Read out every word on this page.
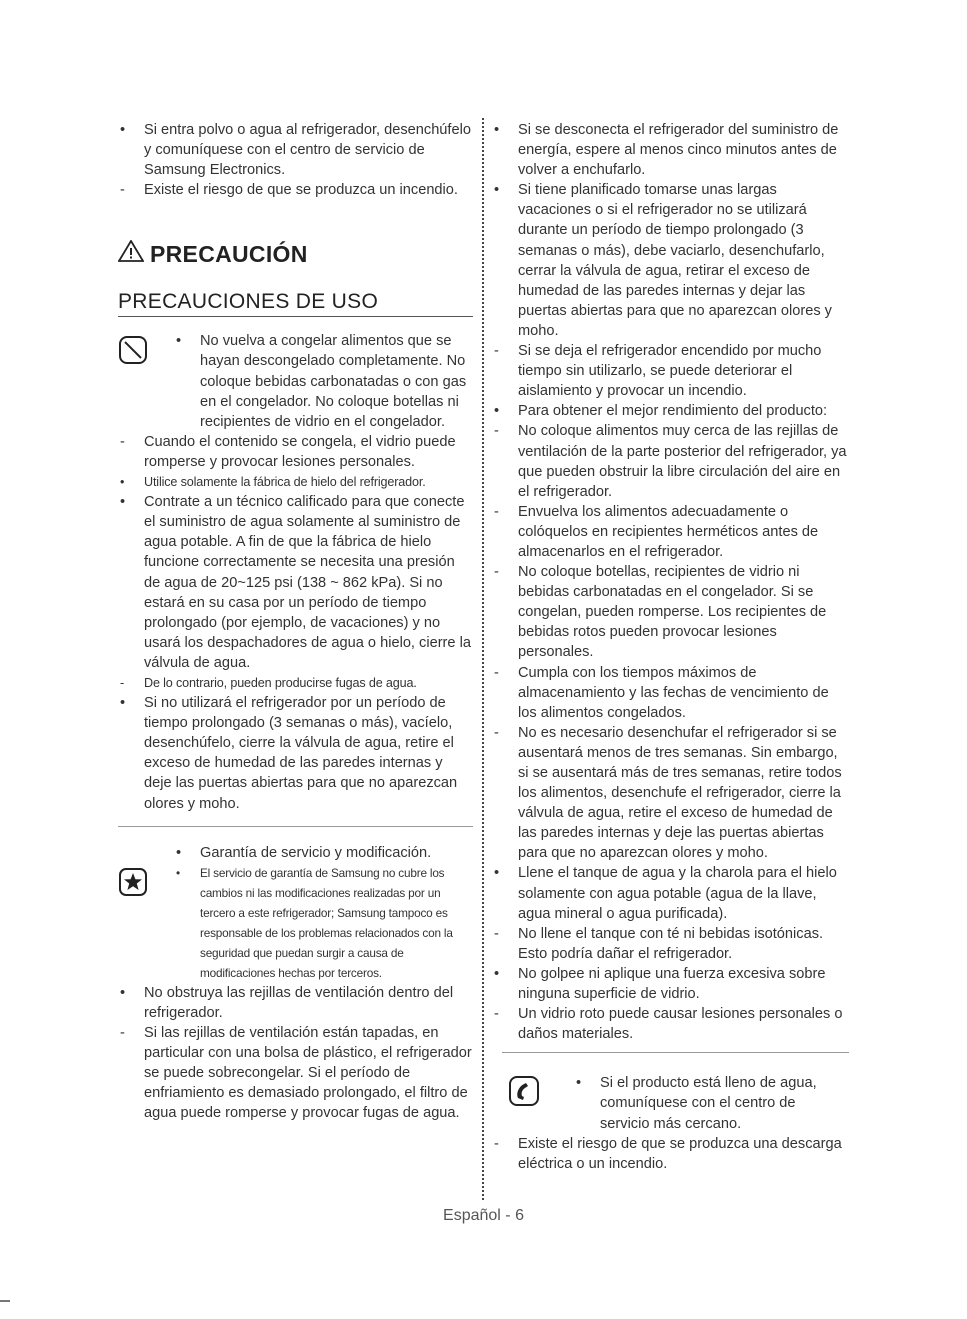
•	Si entra polvo o agua al refrigerador, desenchúfelo y comuníquese con el centro de servicio de Samsung Electronics.
-	Existe el riesgo de que se produzca un incendio.
PRECAUCIÓN
PRECAUCIONES DE USO
•	No vuelva a congelar alimentos que se hayan descongelado completamente. No coloque bebidas carbonatadas o con gas en el congelador. No coloque botellas ni recipientes de vidrio en el congelador.
-	Cuando el contenido se congela, el vidrio puede romperse y provocar lesiones personales.
•	Utilice solamente la fábrica de hielo del refrigerador.
•	Contrate a un técnico calificado para que conecte el suministro de agua solamente al suministro de agua potable. A fin de que la fábrica de hielo funcione correctamente se necesita una presión de agua de 20~125 psi (138 ~ 862 kPa). Si no estará en su casa por un período de tiempo prolongado (por ejemplo, de vacaciones) y no usará los despachadores de agua o hielo, cierre la válvula de agua.
-	De lo contrario, pueden producirse fugas de agua.
•	Si no utilizará el refrigerador por un período de tiempo prolongado (3 semanas o más), vacíelo, desenchúfelo, cierre la válvula de agua, retire el exceso de humedad de las paredes internas y deje las puertas abiertas para que no aparezcan olores y moho.
•	Garantía de servicio y modificación.
•	El servicio de garantía de Samsung no cubre los cambios ni las modificaciones realizadas por un tercero a este refrigerador; Samsung tampoco es responsable de los problemas relacionados con la seguridad que puedan surgir a causa de modificaciones hechas por terceros.
•	No obstruya las rejillas de ventilación dentro del refrigerador.
-	Si las rejillas de ventilación están tapadas, en particular con una bolsa de plástico, el refrigerador se puede sobrecongelar. Si el período de enfriamiento es demasiado prolongado, el filtro de agua puede romperse y provocar fugas de agua.
•	Si se desconecta el refrigerador del suministro de energía, espere al menos cinco minutos antes de volver a enchufarlo.
•	Si tiene planificado tomarse unas largas vacaciones o si el refrigerador no se utilizará durante un período de tiempo prolongado (3 semanas o más), debe vaciarlo, desenchufarlo, cerrar la válvula de agua, retirar el exceso de humedad de las paredes internas y dejar las puertas abiertas para que no aparezcan olores y moho.
-	Si se deja el refrigerador encendido por mucho tiempo sin utilizarlo, se puede deteriorar el aislamiento y provocar un incendio.
•	Para obtener el mejor rendimiento del producto:
-	No coloque alimentos muy cerca de las rejillas de ventilación de la parte posterior del refrigerador, ya que pueden obstruir la libre circulación del aire en el refrigerador.
-	Envuelva los alimentos adecuadamente o colóquelos en recipientes herméticos antes de almacenarlos en el refrigerador.
-	No coloque botellas, recipientes de vidrio ni bebidas carbonatadas en el congelador. Si se congelan, pueden romperse. Los recipientes de bebidas rotos pueden provocar lesiones personales.
-	Cumpla con los tiempos máximos de almacenamiento y las fechas de vencimiento de los alimentos congelados.
-	No es necesario desenchufar el refrigerador si se ausentará menos de tres semanas. Sin embargo, si se ausentará más de tres semanas, retire todos los alimentos, desenchufe el refrigerador, cierre la válvula de agua, retire el exceso de humedad de las paredes internas y deje las puertas abiertas para que no aparezcan olores y moho.
•	Llene el tanque de agua y la charola para el hielo solamente con agua potable (agua de la llave, agua mineral o agua purificada).
-	No llene el tanque con té ni bebidas isotónicas. Esto podría dañar el refrigerador.
•	No golpee ni aplique una fuerza excesiva sobre ninguna superficie de vidrio.
-	Un vidrio roto puede causar lesiones personales o daños materiales.
•	Si el producto está lleno de agua, comuníquese con el centro de servicio más cercano.
-	Existe el riesgo de que se produzca una descarga eléctrica o un incendio.
Español - 6
